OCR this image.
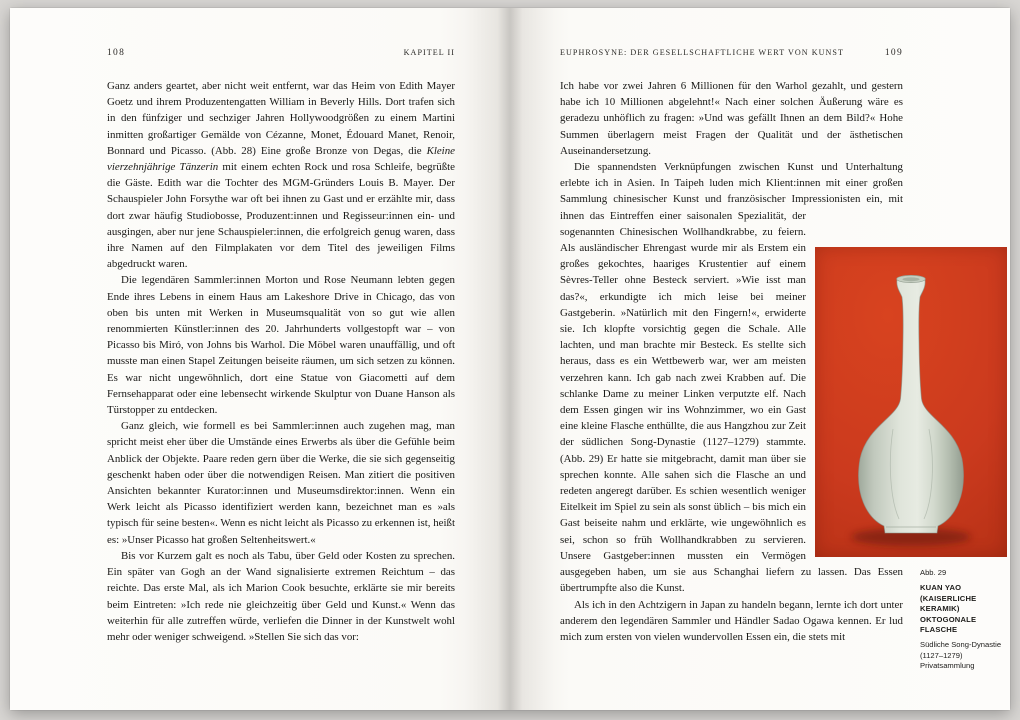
108	KAPITEL II

Ganz anders geartet, aber nicht weit entfernt, war das Heim von Edith Mayer Goetz und ihrem Produzentengatten William in Beverly Hills. Dort trafen sich in den fünfziger und sechziger Jahren Hollywoodgrößen zu einem Martini inmitten großartiger Gemälde von Cézanne, Monet, Édouard Manet, Renoir, Bonnard und Picasso. (Abb. 28) Eine große Bronze von Degas, die Kleine vierzehnjährige Tänzerin mit einem echten Rock und rosa Schleife, begrüßte die Gäste. Edith war die Tochter des MGM-Gründers Louis B. Mayer. Der Schauspieler John Forsythe war oft bei ihnen zu Gast und er erzählte mir, dass dort zwar häufig Studiobosse, Produzent:innen und Regisseur:innen ein- und ausgingen, aber nur jene Schauspieler:innen, die erfolgreich genug waren, dass ihre Namen auf den Filmplakaten vor dem Titel des jeweiligen Films abgedruckt waren.

Die legendären Sammler:innen Morton und Rose Neumann lebten gegen Ende ihres Lebens in einem Haus am Lakeshore Drive in Chicago, das von oben bis unten mit Werken in Museumsqualität von so gut wie allen renommierten Künstler:innen des 20. Jahrhunderts vollgestopft war – von Picasso bis Miró, von Johns bis Warhol. Die Möbel waren unauffällig, und oft musste man einen Stapel Zeitungen beiseite räumen, um sich setzen zu können. Es war nicht ungewöhnlich, dort eine Statue von Giacometti auf dem Fernsehapparat oder eine lebensecht wirkende Skulptur von Duane Hanson als Türstopper zu entdecken.

Ganz gleich, wie formell es bei Sammler:innen auch zugehen mag, man spricht meist eher über die Umstände eines Erwerbs als über die Gefühle beim Anblick der Objekte. Paare reden gern über die Werke, die sie sich gegenseitig geschenkt haben oder über die notwendigen Reisen. Man zitiert die positiven Ansichten bekannter Kurator:innen und Museumsdirektor:innen. Wenn ein Werk leicht als Picasso identifiziert werden kann, bezeichnet man es »als typisch für seine besten«. Wenn es nicht leicht als Picasso zu erkennen ist, heißt es: »Unser Picasso hat großen Seltenheitswert.«

Bis vor Kurzem galt es noch als Tabu, über Geld oder Kosten zu sprechen. Ein später van Gogh an der Wand signalisierte extremen Reichtum – das reichte. Das erste Mal, als ich Marion Cook besuchte, erklärte sie mir bereits beim Eintreten: »Ich rede nie gleichzeitig über Geld und Kunst.« Wenn das weiterhin für alle zutreffen würde, verliefen die Dinner in der Kunstwelt wohl mehr oder weniger schweigend. »Stellen Sie sich das vor:

EUPHROSYNE: DER GESELLSCHAFTLICHE WERT VON KUNST	109

Ich habe vor zwei Jahren 6 Millionen für den Warhol gezahlt, und gestern habe ich 10 Millionen abgelehnt!« Nach einer solchen Äußerung wäre es geradezu unhöflich zu fragen: »Und was gefällt Ihnen an dem Bild?« Hohe Summen überlagern meist Fragen der Qualität und der ästhetischen Auseinandersetzung.

Die spannendsten Verknüpfungen zwischen Kunst und Unterhaltung erlebte ich in Asien. In Taipeh luden mich Klient:innen mit einer großen Sammlung chinesischer Kunst und französischer Impressionisten ein, mit ihnen das Eintreffen einer saisonalen Spezialität, der sogenannten Chinesischen Wollhandkrabbe, zu feiern. Als ausländischer Ehrengast wurde mir als Erstem ein großes gekochtes, haariges Krustentier auf einem Sèvres-Teller ohne Besteck serviert. »Wie isst man das?«, erkundigte ich mich leise bei meiner Gastgeberin. »Natürlich mit den Fingern!«, erwiderte sie. Ich klopfte vorsichtig gegen die Schale. Alle lachten, und man brachte mir Besteck. Es stellte sich heraus, dass es ein Wettbewerb war, wer am meisten verzehren kann. Ich gab nach zwei Krabben auf. Die schlanke Dame zu meiner Linken verputzte elf. Nach dem Essen gingen wir ins Wohnzimmer, wo ein Gast eine kleine Flasche enthüllte, die aus Hangzhou zur Zeit der südlichen Song-Dynastie (1127–1279) stammte. (Abb. 29) Er hatte sie mitgebracht, damit man über sie sprechen konnte. Alle sahen sich die Flasche an und redeten angeregt darüber. Es schien wesentlich weniger Eitelkeit im Spiel zu sein als sonst üblich – bis mich ein Gast beiseite nahm und erklärte, wie ungewöhnlich es sei, schon so früh Wollhandkrabben zu servieren. Unsere Gastgeber:innen mussten ein Vermögen ausgegeben haben, um sie aus Schanghai liefern zu lassen. Das Essen übertrumpfte also die Kunst.

Als ich in den Achtzigern in Japan zu handeln begann, lernte ich dort unter anderem den legendären Sammler und Händler Sadao Ogawa kennen. Er lud mich zum ersten von vielen wundervollen Essen ein, die stets mit

Abb. 29
KUAN YAO (KAISERLICHE KERAMIK) OKTOGONALE FLASCHE
Südliche Song-Dynastie
(1127–1279)
Privatsammlung
